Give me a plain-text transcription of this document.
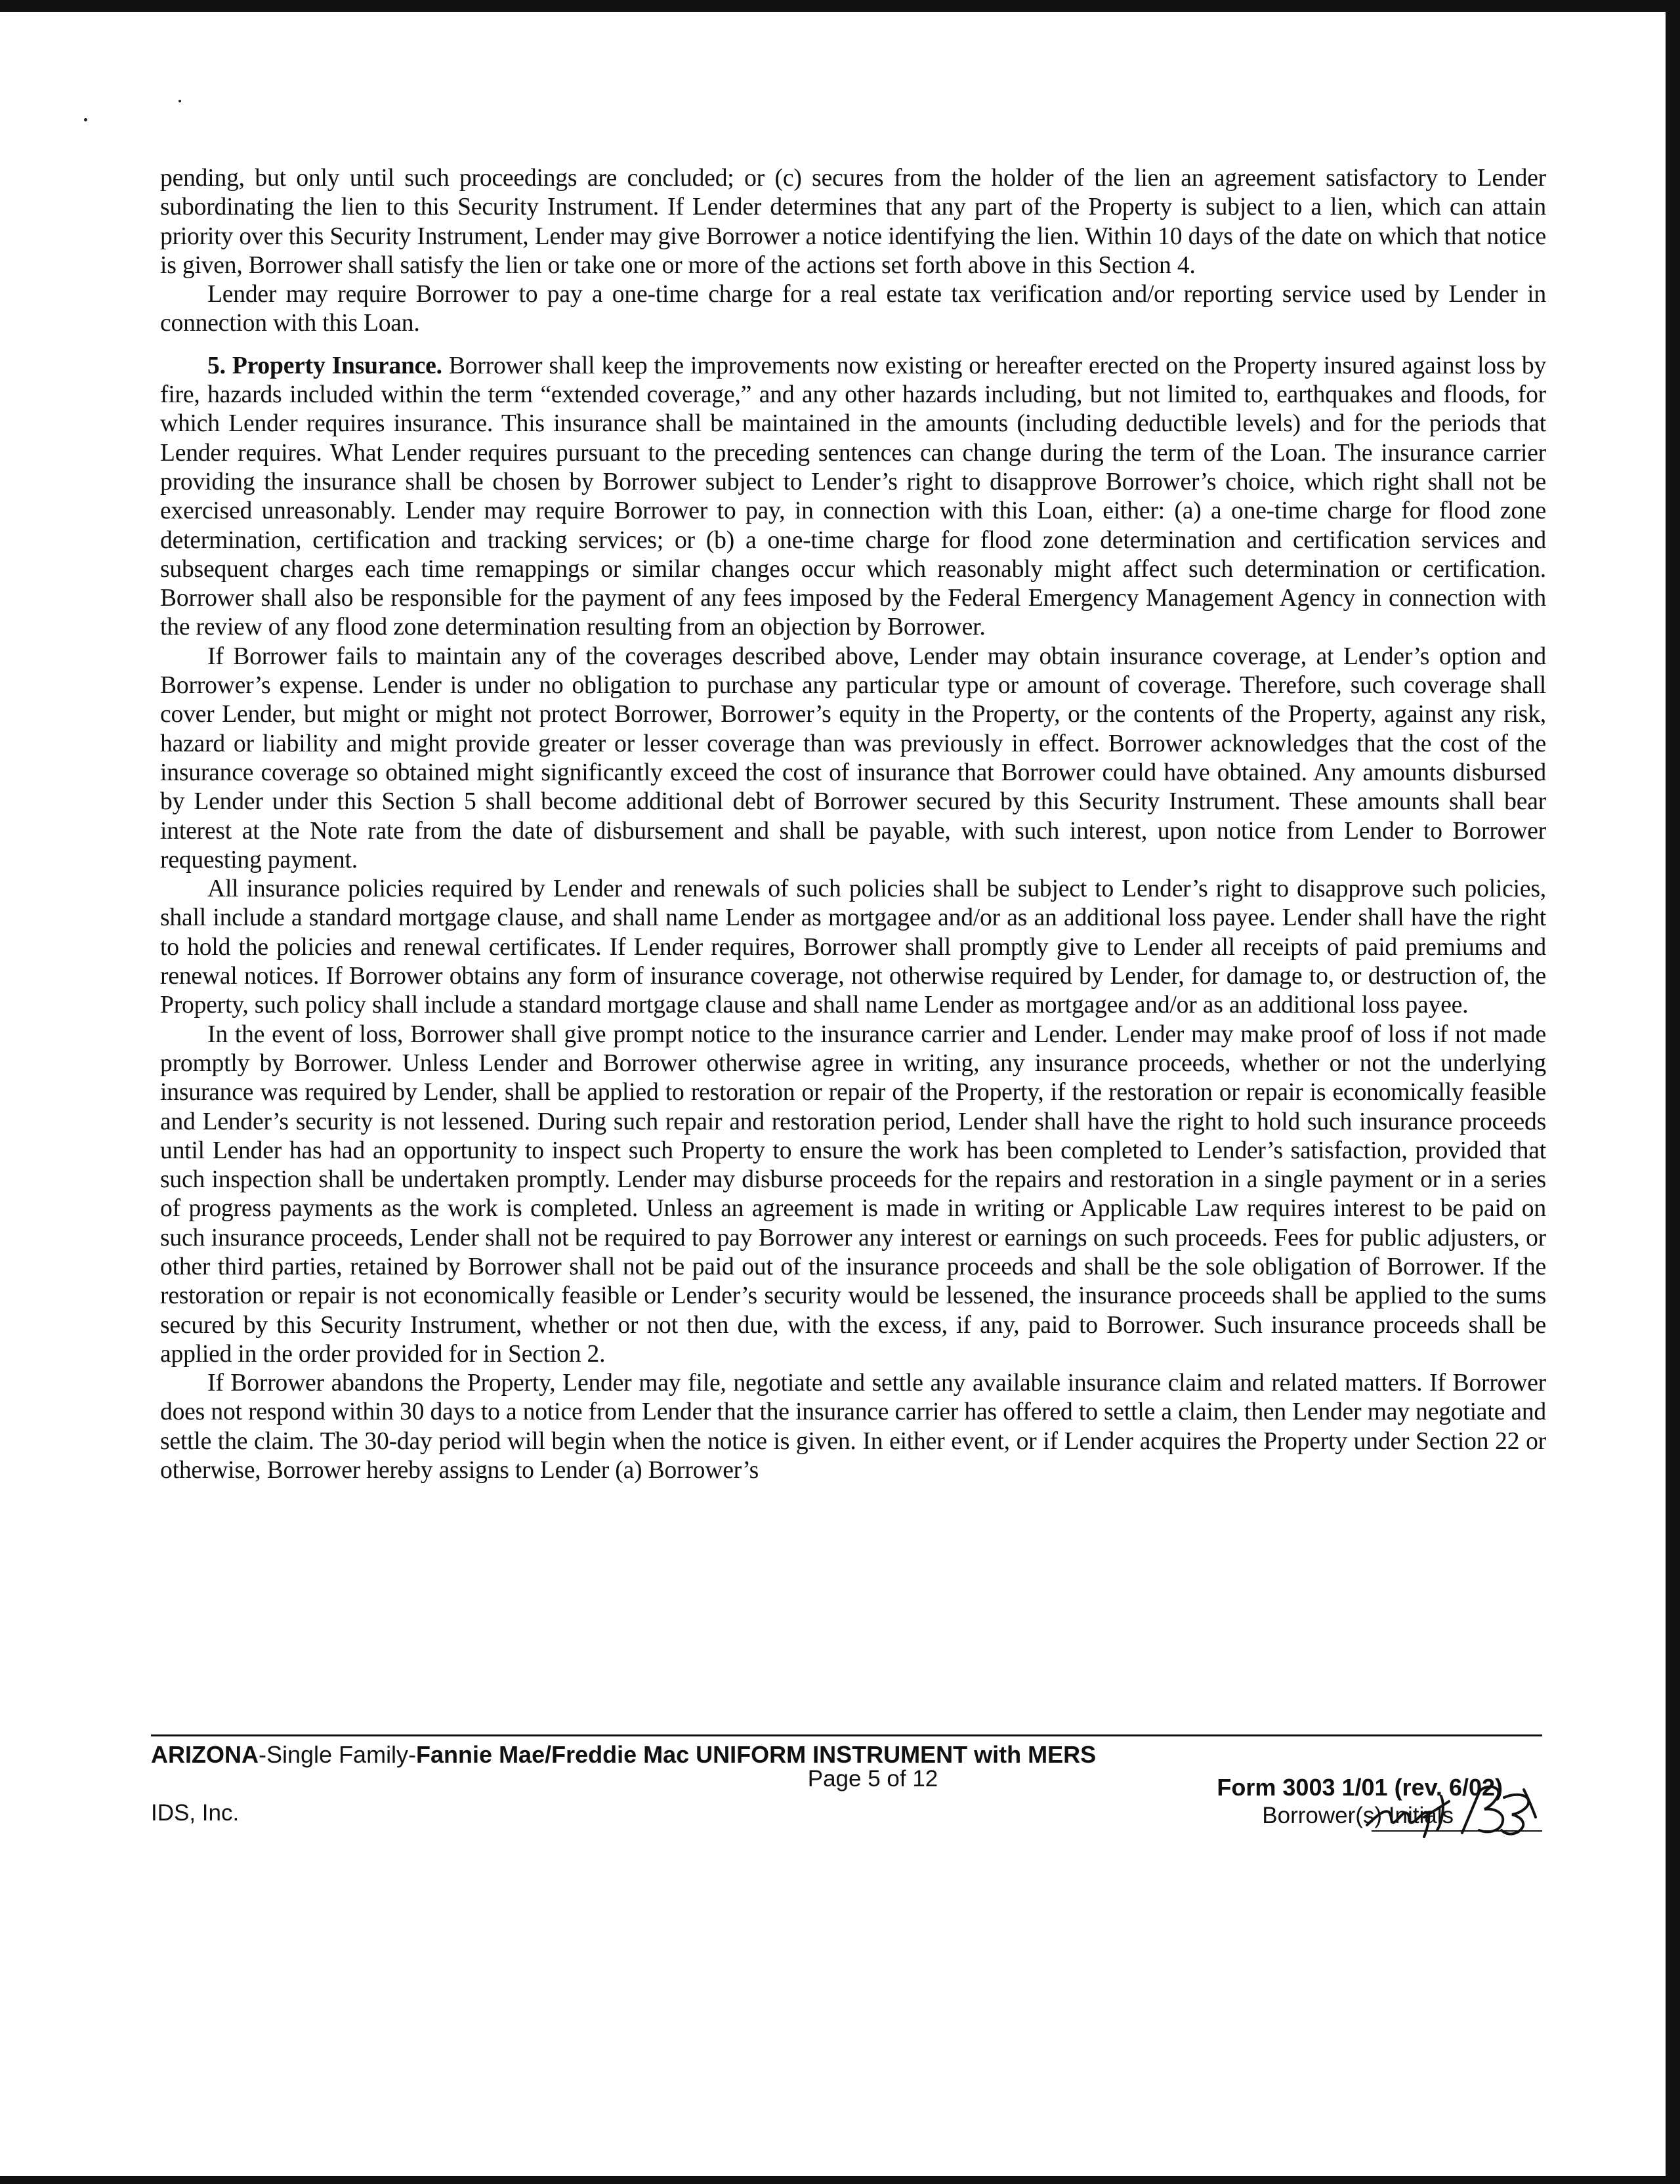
pending, but only until such proceedings are concluded; or (c) secures from the holder of the lien an agreement satisfactory to Lender subordinating the lien to this Security Instrument. If Lender determines that any part of the Property is subject to a lien, which can attain priority over this Security Instrument, Lender may give Borrower a notice identifying the lien. Within 10 days of the date on which that notice is given, Borrower shall satisfy the lien or take one or more of the actions set forth above in this Section 4.

Lender may require Borrower to pay a one-time charge for a real estate tax verification and/or reporting service used by Lender in connection with this Loan.

5. Property Insurance. Borrower shall keep the improvements now existing or hereafter erected on the Property insured against loss by fire, hazards included within the term “extended coverage,” and any other hazards including, but not limited to, earthquakes and floods, for which Lender requires insurance. This insurance shall be maintained in the amounts (including deductible levels) and for the periods that Lender requires. What Lender requires pursuant to the preceding sentences can change during the term of the Loan. The insurance carrier providing the insurance shall be chosen by Borrower subject to Lender’s right to disapprove Borrower’s choice, which right shall not be exercised unreasonably. Lender may require Borrower to pay, in connection with this Loan, either: (a) a one-time charge for flood zone determination, certification and tracking services; or (b) a one-time charge for flood zone determination and certification services and subsequent charges each time remappings or similar changes occur which reasonably might affect such determination or certification. Borrower shall also be responsible for the payment of any fees imposed by the Federal Emergency Management Agency in connection with the review of any flood zone determination resulting from an objection by Borrower.

If Borrower fails to maintain any of the coverages described above, Lender may obtain insurance coverage, at Lender’s option and Borrower’s expense. Lender is under no obligation to purchase any particular type or amount of coverage. Therefore, such coverage shall cover Lender, but might or might not protect Borrower, Borrower’s equity in the Property, or the contents of the Property, against any risk, hazard or liability and might provide greater or lesser coverage than was previously in effect. Borrower acknowledges that the cost of the insurance coverage so obtained might significantly exceed the cost of insurance that Borrower could have obtained. Any amounts disbursed by Lender under this Section 5 shall become additional debt of Borrower secured by this Security Instrument. These amounts shall bear interest at the Note rate from the date of disbursement and shall be payable, with such interest, upon notice from Lender to Borrower requesting payment.

All insurance policies required by Lender and renewals of such policies shall be subject to Lender’s right to disapprove such policies, shall include a standard mortgage clause, and shall name Lender as mortgagee and/or as an additional loss payee. Lender shall have the right to hold the policies and renewal certificates. If Lender requires, Borrower shall promptly give to Lender all receipts of paid premiums and renewal notices. If Borrower obtains any form of insurance coverage, not otherwise required by Lender, for damage to, or destruction of, the Property, such policy shall include a standard mortgage clause and shall name Lender as mortgagee and/or as an additional loss payee.

In the event of loss, Borrower shall give prompt notice to the insurance carrier and Lender. Lender may make proof of loss if not made promptly by Borrower. Unless Lender and Borrower otherwise agree in writing, any insurance proceeds, whether or not the underlying insurance was required by Lender, shall be applied to restoration or repair of the Property, if the restoration or repair is economically feasible and Lender’s security is not lessened. During such repair and restoration period, Lender shall have the right to hold such insurance proceeds until Lender has had an opportunity to inspect such Property to ensure the work has been completed to Lender’s satisfaction, provided that such inspection shall be undertaken promptly. Lender may disburse proceeds for the repairs and restoration in a single payment or in a series of progress payments as the work is completed. Unless an agreement is made in writing or Applicable Law requires interest to be paid on such insurance proceeds, Lender shall not be required to pay Borrower any interest or earnings on such proceeds. Fees for public adjusters, or other third parties, retained by Borrower shall not be paid out of the insurance proceeds and shall be the sole obligation of Borrower. If the restoration or repair is not economically feasible or Lender’s security would be lessened, the insurance proceeds shall be applied to the sums secured by this Security Instrument, whether or not then due, with the excess, if any, paid to Borrower. Such insurance proceeds shall be applied in the order provided for in Section 2.

If Borrower abandons the Property, Lender may file, negotiate and settle any available insurance claim and related matters. If Borrower does not respond within 30 days to a notice from Lender that the insurance carrier has offered to settle a claim, then Lender may negotiate and settle the claim. The 30-day period will begin when the notice is given. In either event, or if Lender acquires the Property under Section 22 or otherwise, Borrower hereby assigns to Lender (a) Borrower’s

ARIZONA-Single Family-Fannie Mae/Freddie Mac UNIFORM INSTRUMENT with MERS
Page 5 of 12
IDS, Inc.
Form 3003 1/01 (rev. 6/02)
Borrower(s) Initials
